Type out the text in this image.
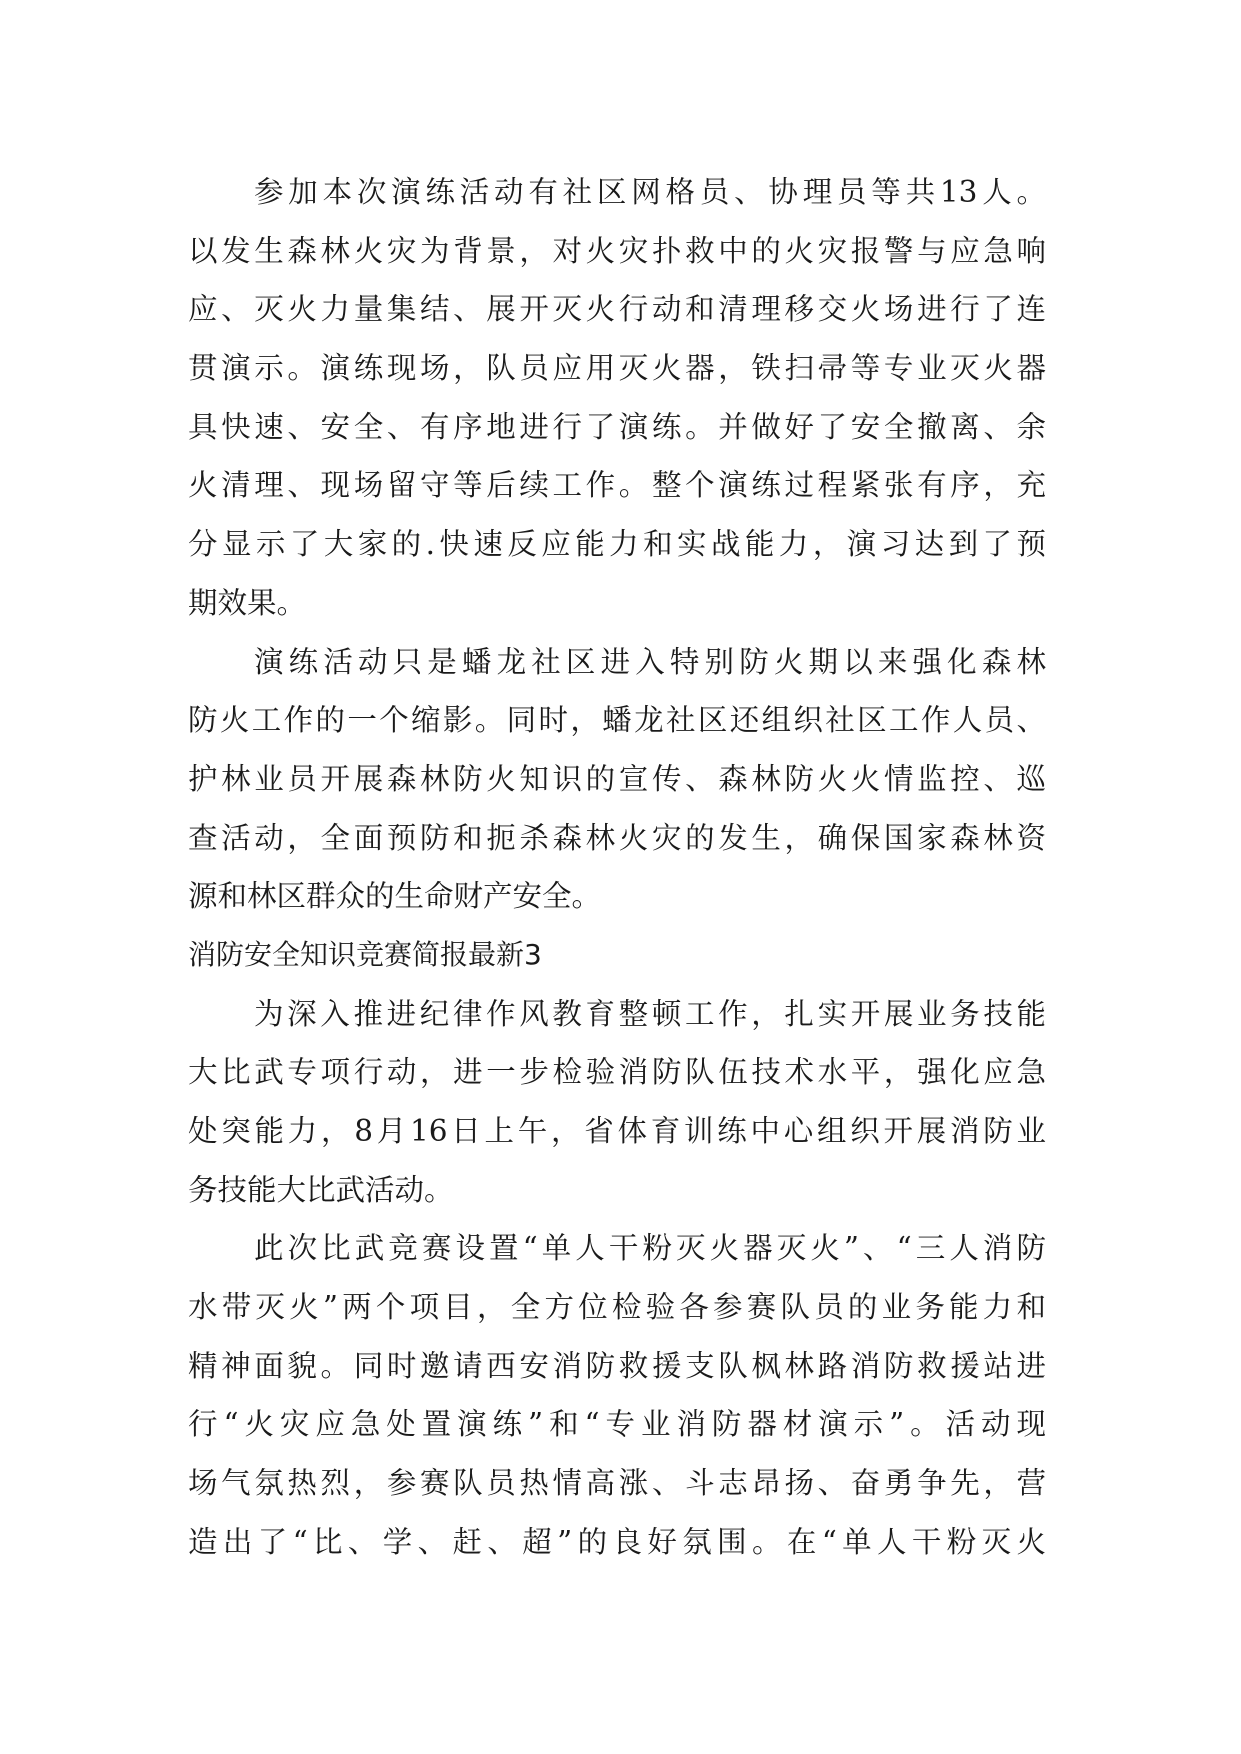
参加本次演练活动有社区网格员、协理员等共13人。
以发生森林火灾为背景，对火灾扑救中的火灾报警与应急响
应、灭火力量集结、展开灭火行动和清理移交火场进行了连
贯演示。演练现场，队员应用灭火器，铁扫帚等专业灭火器
具快速、安全、有序地进行了演练。并做好了安全撤离、余
火清理、现场留守等后续工作。整个演练过程紧张有序，充
分显示了大家的.快速反应能力和实战能力，演习达到了预
期效果。
演练活动只是蟠龙社区进入特别防火期以来强化森林
防火工作的一个缩影。同时，蟠龙社区还组织社区工作人员、
护林业员开展森林防火知识的宣传、森林防火火情监控、巡
查活动，全面预防和扼杀森林火灾的发生，确保国家森林资
源和林区群众的生命财产安全。
消防安全知识竞赛简报最新3
为深入推进纪律作风教育整顿工作，扎实开展业务技能
大比武专项行动，进一步检验消防队伍技术水平，强化应急
处突能力，8月16日上午，省体育训练中心组织开展消防业
务技能大比武活动。
此次比武竞赛设置“单人干粉灭火器灭火”、“三人消防
水带灭火”两个项目，全方位检验各参赛队员的业务能力和
精神面貌。同时邀请西安消防救援支队枫林路消防救援站进
行“火灾应急处置演练”和“专业消防器材演示”。活动现
场气氛热烈，参赛队员热情高涨、斗志昂扬、奋勇争先，营
造出了“比、学、赶、超”的良好氛围。在“单人干粉灭火
